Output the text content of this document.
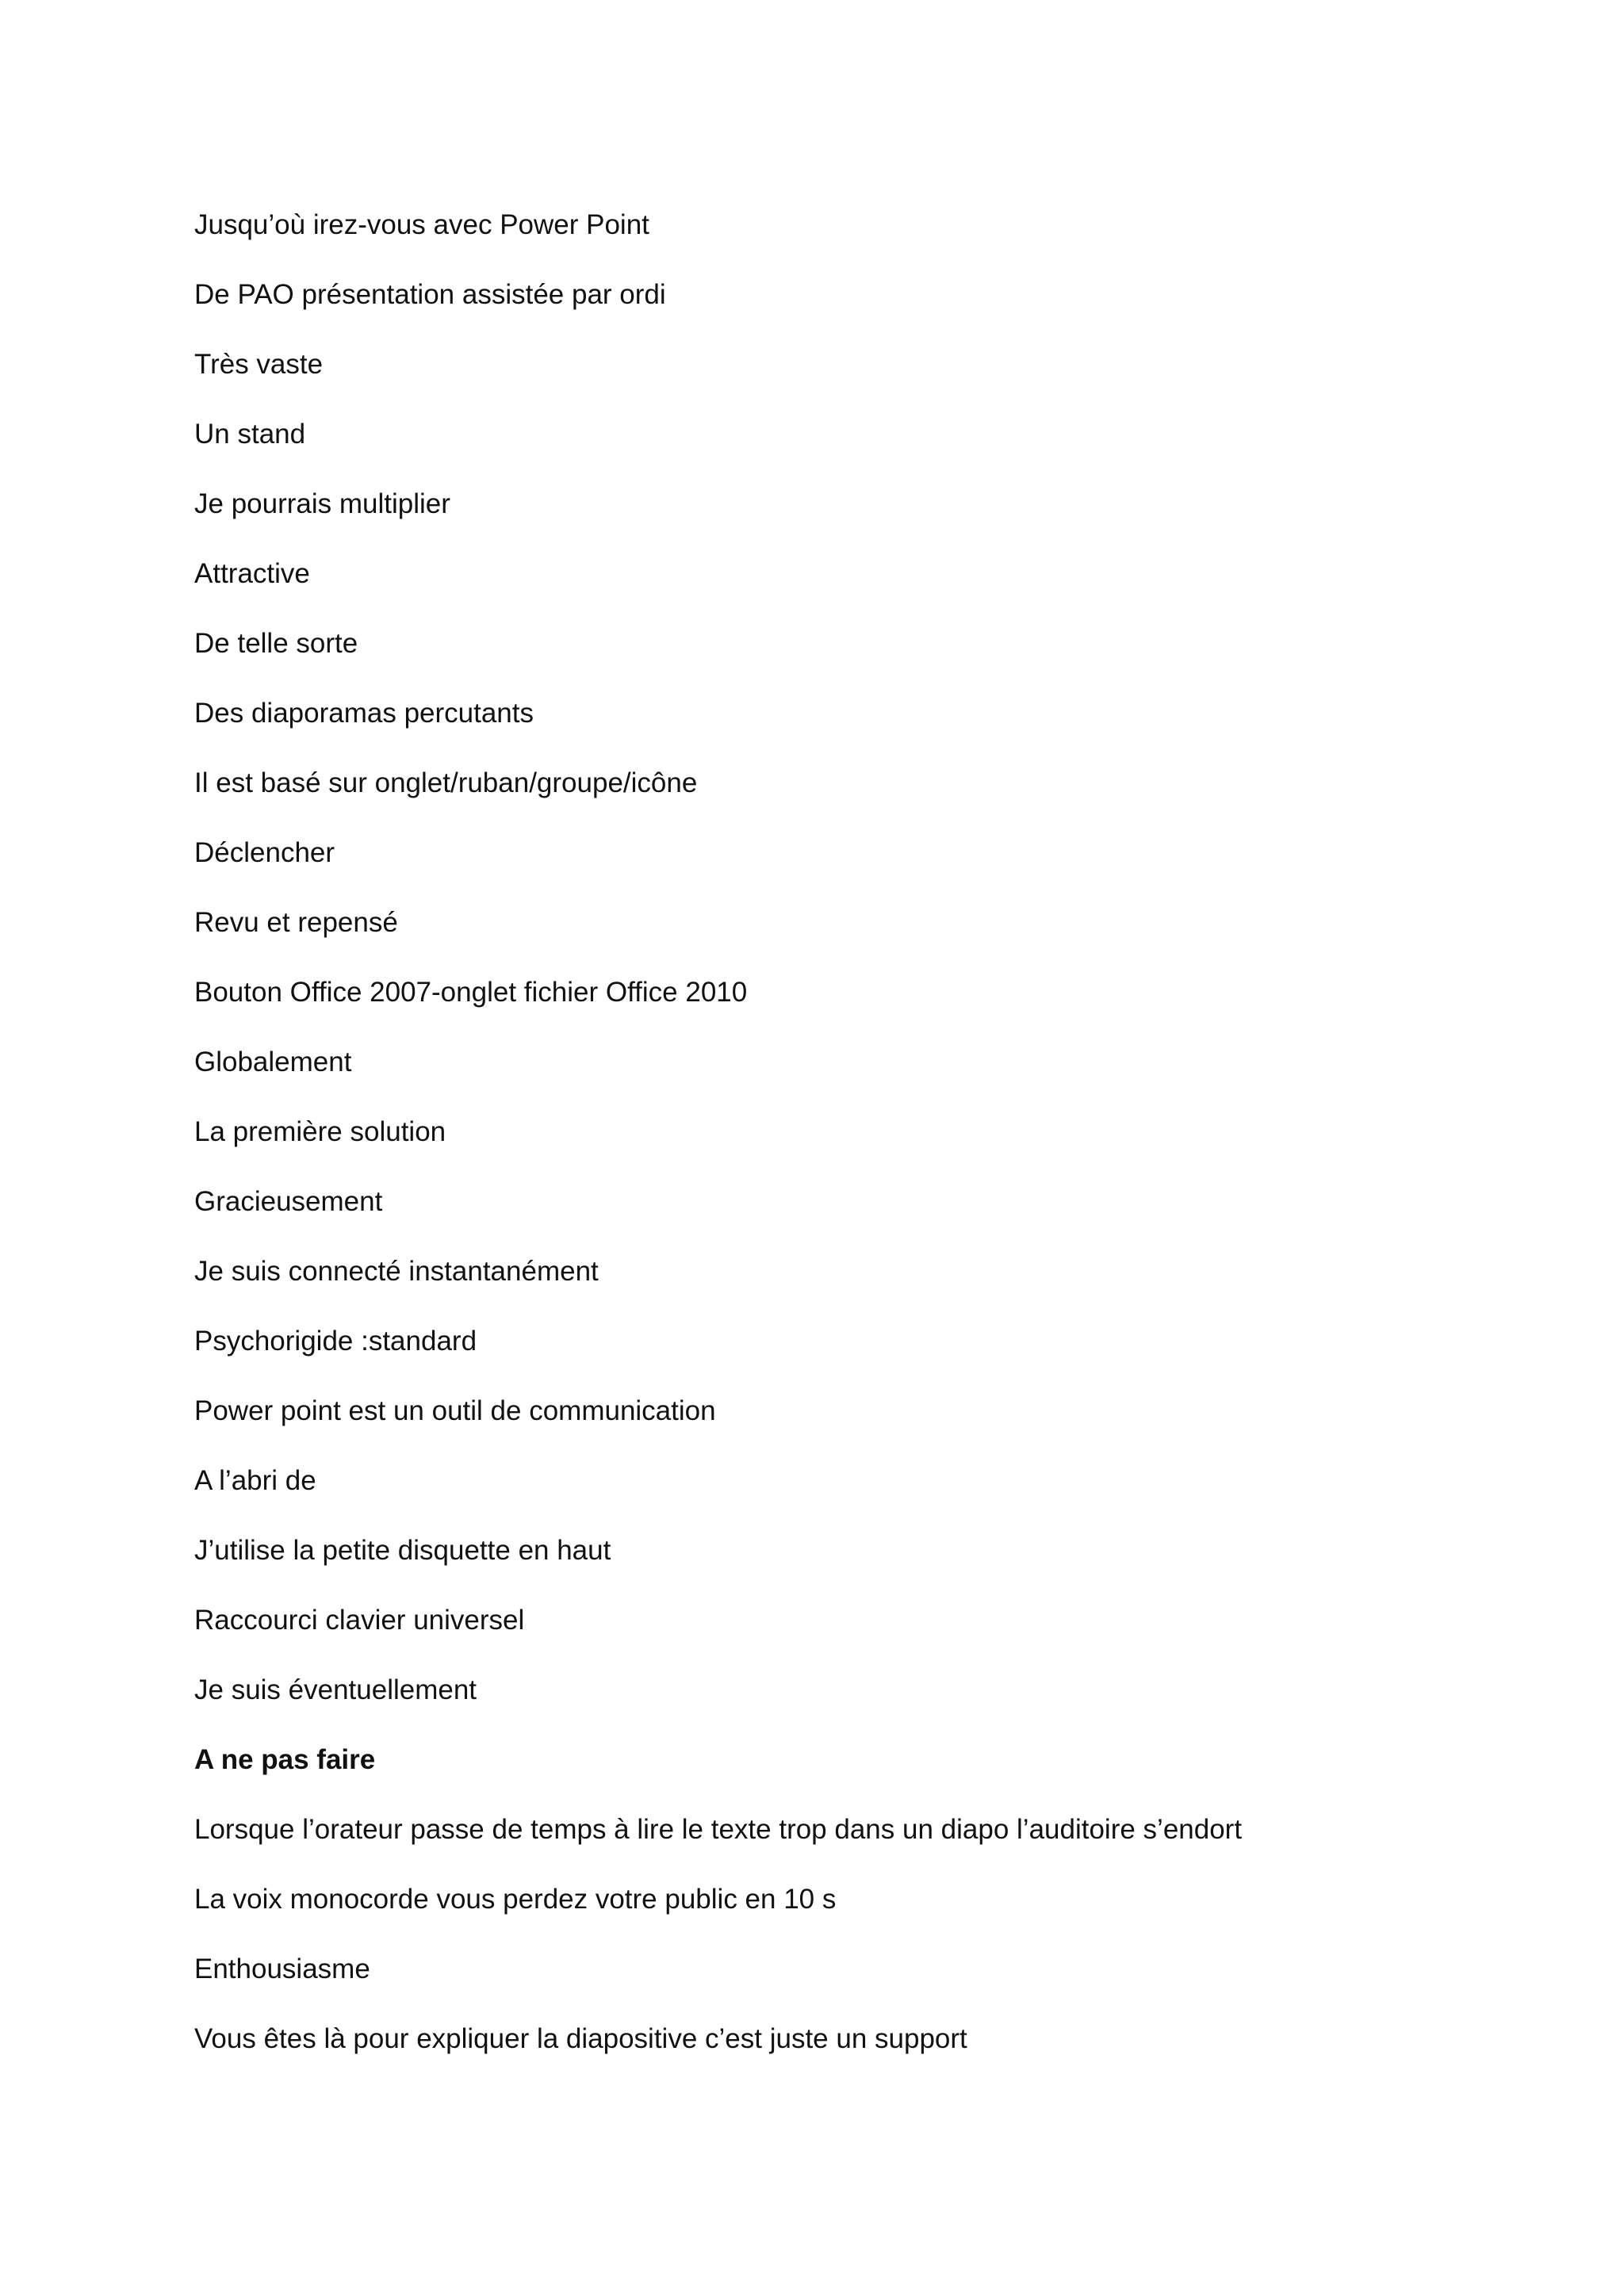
Jusqu’où irez-vous avec Power Point
De PAO présentation assistée par ordi
Très vaste
Un stand
Je pourrais multiplier
Attractive
De telle sorte
Des diaporamas percutants
Il est basé sur onglet/ruban/groupe/icône
Déclencher
Revu et repensé
Bouton Office 2007-onglet fichier Office 2010
Globalement
La première solution
Gracieusement
Je suis connecté instantanément
Psychorigide :standard
Power point est un outil de communication
A l’abri de
J’utilise la petite disquette en haut
Raccourci clavier universel
Je suis éventuellement
A ne pas faire
Lorsque l’orateur passe de temps à lire le texte trop dans un diapo l’auditoire s’endort
La voix monocorde vous perdez votre public en 10 s
Enthousiasme
Vous êtes là pour expliquer la diapositive c’est juste un support
